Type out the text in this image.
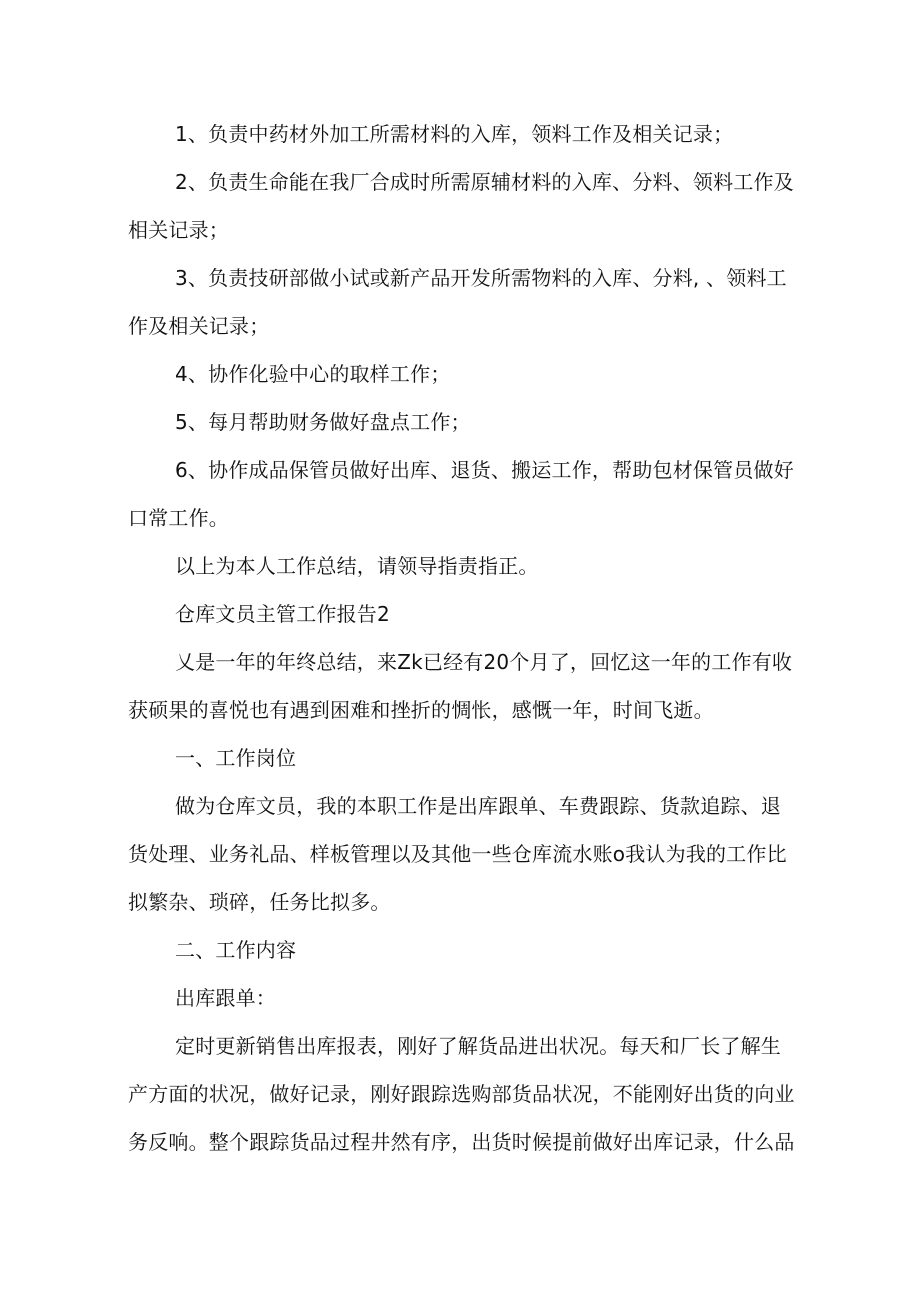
1、负责中药材外加工所需材料的入库，领料工作及相关记录；

2、负责生命能在我厂合成时所需原辅材料的入库、分料、领料工作及相关记录；

3、负责技研部做小试或新产品开发所需物料的入库、分料, 、领料工作及相关记录；

4、协作化验中心的取样工作；

5、每月帮助财务做好盘点工作；

6、协作成品保管员做好出库、退货、搬运工作，帮助包材保管员做好口常工作。

以上为本人工作总结，请领导指责指正。

仓库文员主管工作报告2

乂是一年的年终总结，来Zk已经有20个月了，回忆这一年的工作有收获硕果的喜悦也有遇到困难和挫折的惆怅，感慨一年，时间飞逝。

一、工作岗位

做为仓库文员，我的本职工作是出库跟单、车费跟踪、货款追踪、退货处理、业务礼品、样板管理以及其他一些仓库流水账o我认为我的工作比拟繁杂、琐碎，任务比拟多。

二、工作内容

出库跟单：

定时更新销售出库报表，刚好了解货品进出状况。每天和厂长了解生产方面的状况，做好记录，刚好跟踪选购部货品状况，不能刚好出货的向业务反响。整个跟踪货品过程井然有序，出货时候提前做好出库记录，什么品
